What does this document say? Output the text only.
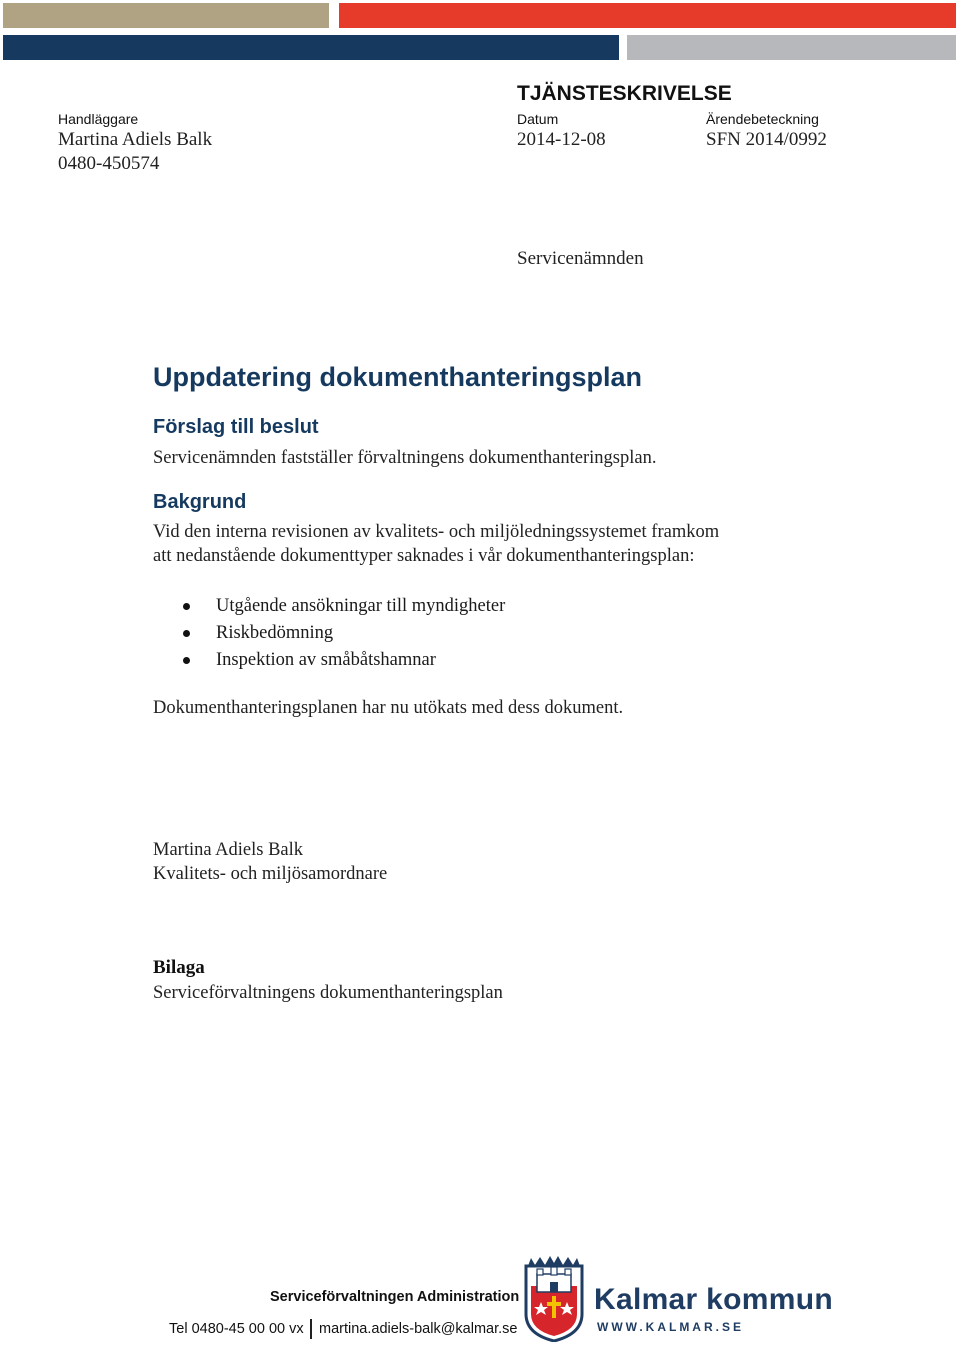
TJÄNSTESKRIVELSE
Handläggare
Martina Adiels Balk
0480-450574
Datum
2014-12-08
Ärendebeteckning
SFN 2014/0992
Servicenämnden
Uppdatering dokumenthanteringsplan
Förslag till beslut
Servicenämnden fastställer förvaltningens dokumenthanteringsplan.
Bakgrund
Vid den interna revisionen av kvalitets- och miljöledningssystemet framkom
att nedanstående dokumenttyper saknades i vår dokumenthanteringsplan:
Utgående ansökningar till myndigheter
Riskbedömning
Inspektion av småbåtshamnar
Dokumenthanteringsplanen har nu utökats med dess dokument.
Martina Adiels Balk
Kvalitets- och miljösamordnare
Bilaga
Serviceförvaltningens dokumenthanteringsplan
Serviceförvaltningen Administration
Tel 0480-45 00 00 vx martina.adiels-balk@kalmar.se
Kalmar kommun
WWW.KALMAR.SE
